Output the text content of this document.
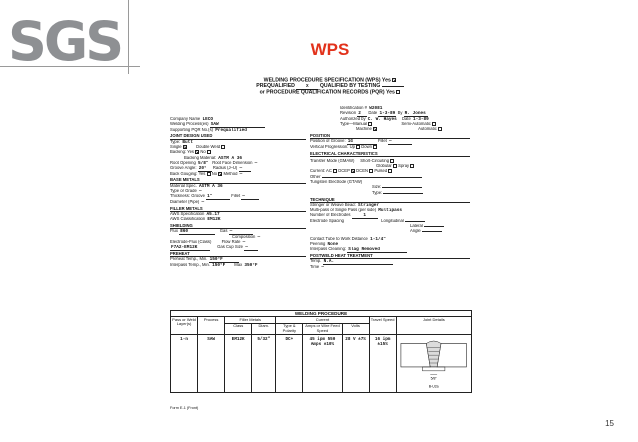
SGS	WPS
WELDING PROCEDURE SPECIFICATION (WPS) Yes X
PREQUALIFIED	X QUALIFIED BY TESTING
or PROCEDURE QUALIFICATION RECORDS (PQR) Yes
Company Name LECO
Welding Process(es) SAW
Supporting PQR No.(s) Prequalified
JOINT DESIGN USED
Type: Butt
Single X Double Weld
Backing: Yes X No
Backing Material: ASTM A 36
Root Opening 5/8" Root Face Dimension —
Groove Angle: 20° Radius (J–U) —
Back Gouging: Yes No X Method —
BASE METALS
Material Spec. ASTM A 36
Type or Grade —
Thickness: Groove 1"	Fillet —
Diameter (Pipe) —
FILLER METALS
AWS Specification A5.17
AWS Classification EM12K
SHIELDING
Flux 860	Gas —
Composition —
Electrode-Flux (Class) Flow Rate —
F7A2-EM12K	Gas Cup Size —
PREHEAT
Preheat Temp., Min. 150°F
Interpass Temp., Min. 150°F Max 350°F
Identification # W2081
Revision 2 Date 1-3-89 By R. Jones
Authorized by C. W. Hayes Date 1-3-89
Type—Manual	Semi-Automatic
Machine X	Automatic
POSITION
Position of Groove: 1G	Fillet —
Vertical Progression: Up Down
ELECTRICAL CHARACTERISTICS
Transfer Mode (GMAW) Short-Circuiting
Globular Spray
Current: AC DCEP X DCEN Pulsed
Other
Tungsten Electrode (GTAW)
Size:
Type:
TECHNIQUE
Stringer or Weave Bead: Stringer
Multi-pass or Single Pass (per side) Multipass
Number of Electrodes	1
Electrode Spacing	Longitudinal
Lateral
Angle
Contact Tube to Work Distance 1-1/4"
Peening None
Interpass Cleaning: Slag Removed
POSTWELD HEAT TREATMENT
Temp. N.A.
Time —
WELDING PROCEDURE
Pass or Weld Layer(s)	Process	Filler Metals		Current			Travel Speed	Joint Details
		Class	Diam.	Type & Polarity	Amps or Wire Feed Speed	Volts		
1-n	SAW	EM12K	5/32"	DC+	45 ipm 550 Amps ±10%	28 V ±7%	16 ipm ±15%	5/8"
B-U2a
Form E-1 (Front)
15
